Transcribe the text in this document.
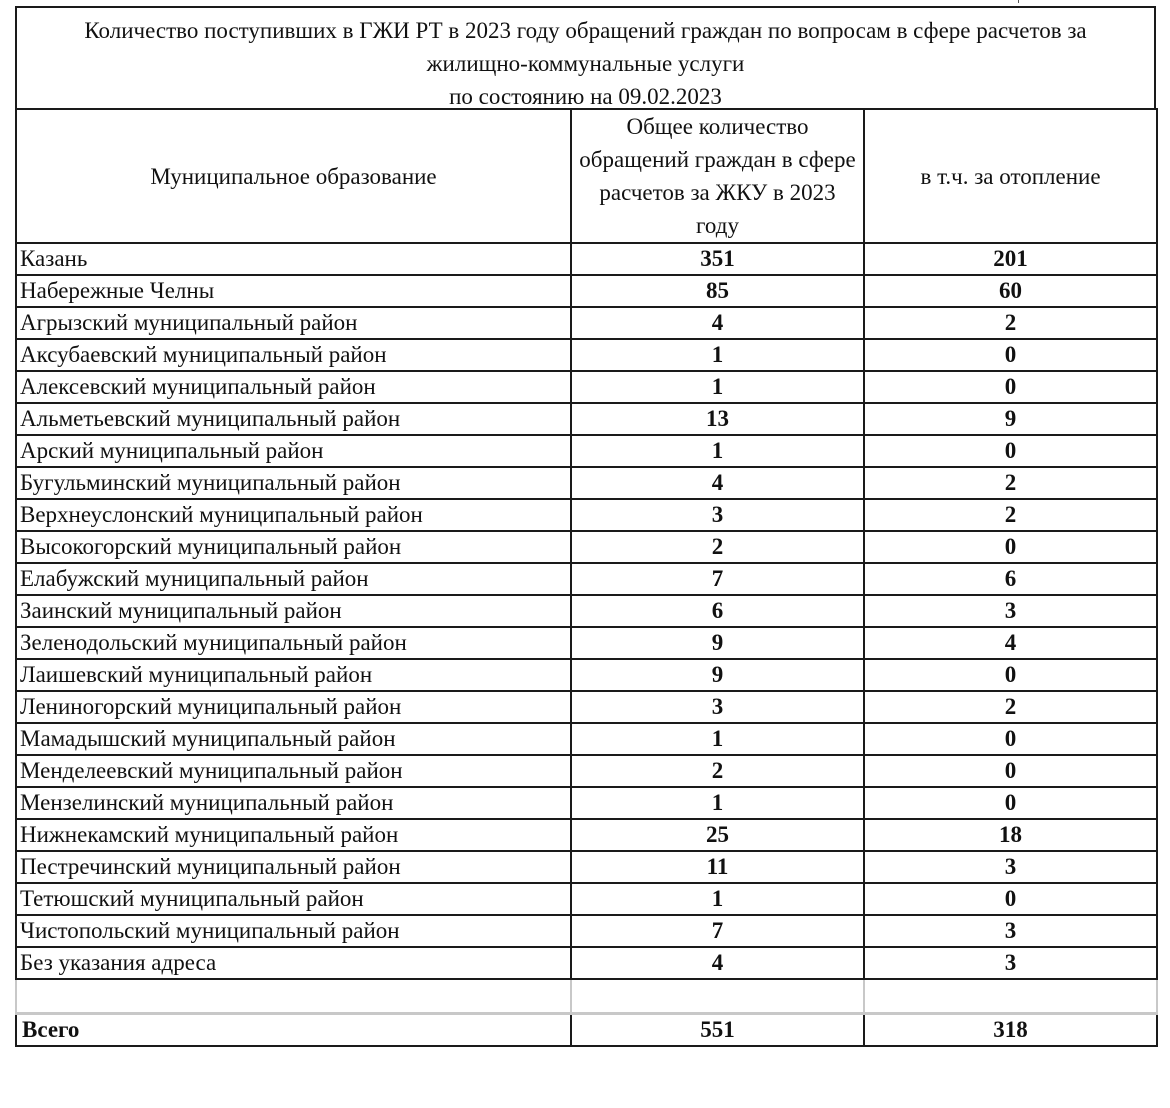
Количество поступивших в ГЖИ РТ в 2023 году обращений граждан по вопросам в сфере расчетов за
жилищно-коммунальные услуги
по состоянию на 09.02.2023
Муниципальное образование	Общее количество обращений граждан в сфере расчетов за ЖКУ в 2023 году	в т.ч. за отопление
Казань	351	201
Набережные Челны	85	60
Агрызский муниципальный район	4	2
Аксубаевский муниципальный район	1	0
Алексевский муниципальный район	1	0
Альметьевский муниципальный район	13	9
Арский муниципальный район	1	0
Бугульминский муниципальный район	4	2
Верхнеуслонский муниципальный район	3	2
Высокогорский муниципальный район	2	0
Елабужский муниципальный район	7	6
Заинский муниципальный район	6	3
Зеленодольский муниципальный район	9	4
Лаишевский муниципальный район	9	0
Лениногорский муниципальный район	3	2
Мамадышский муниципальный район	1	0
Менделеевский муниципальный район	2	0
Мензелинский муниципальный район	1	0
Нижнекамский муниципальный район	25	18
Пестречинский муниципальный район	11	3
Тетюшский муниципальный район	1	0
Чистопольский муниципальный район	7	3
Без указания адреса	4	3

Всего	551	318
